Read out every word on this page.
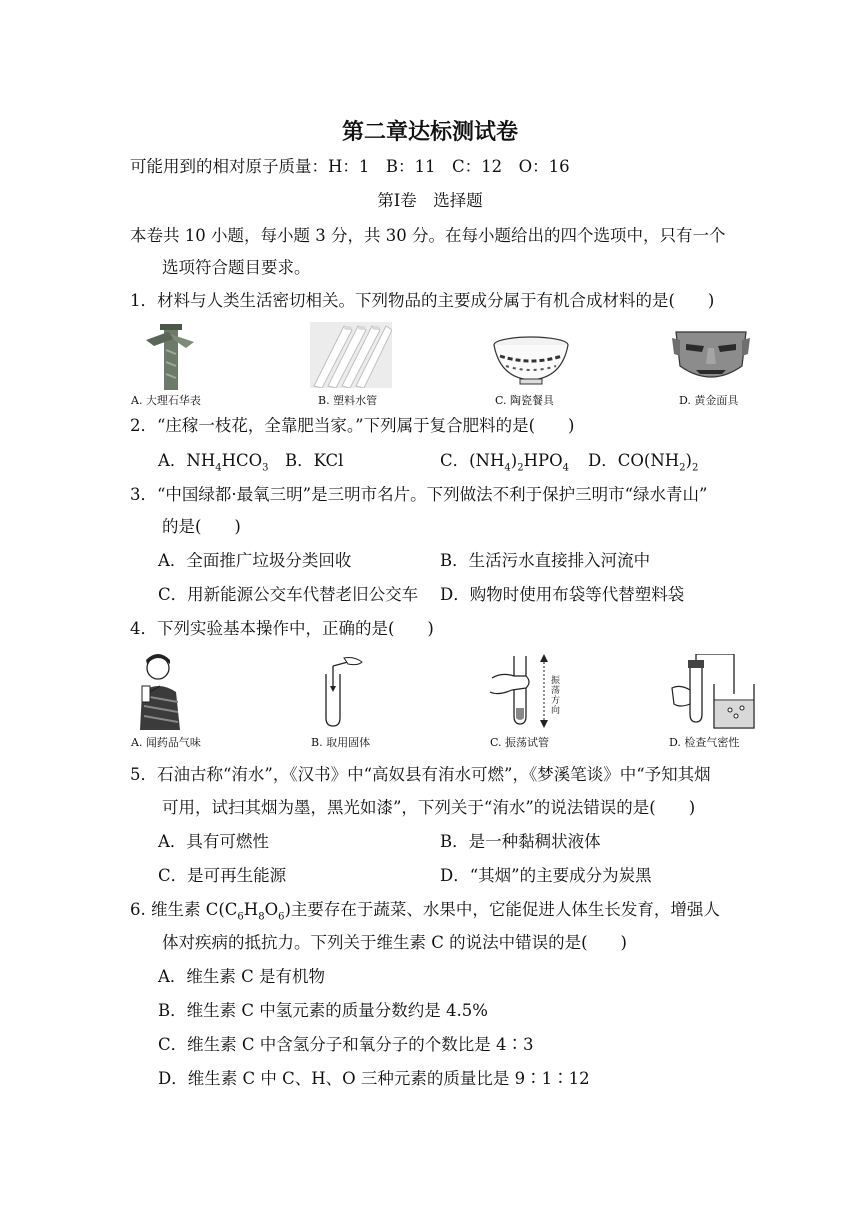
第二章达标测试卷
可能用到的相对原子质量：H：1　B：11　C：12　O：16
第Ⅰ卷　选择题
本卷共 10 小题，每小题 3 分，共 30 分。在每小题给出的四个选项中，只有一个
选项符合题目要求。
1．材料与人类生活密切相关。下列物品的主要成分属于有机合成材料的是(　　)
A. 大理石华表	B. 塑料水管	C. 陶瓷餐具	D. 黄金面具
2．“庄稼一枝花，全靠肥当家。”下列属于复合肥料的是(　　)
A．$NH_4HCO_3$ B．KCl	C．$(NH_4)_2HPO_4$ D．$CO(NH_2)_2$
3．“中国绿都·最氧三明”是三明市名片。下列做法不利于保护三明市“绿水青山”
的是(　　)
A．全面推广垃圾分类回收	B．生活污水直接排入河流中
C．用新能源公交车代替老旧公交车 D．购物时使用布袋等代替塑料袋
4．下列实验基本操作中，正确的是(　　)
振
荡
方
向
A. 闻药品气味	B. 取用固体	C. 振荡试管	D. 检查气密性
5．石油古称“洧水”，《汉书》中“高奴县有洧水可燃”，《梦溪笔谈》中“予知其烟
可用，试扫其烟为墨，黑光如漆”，下列关于“洧水”的说法错误的是(　　)
A．具有可燃性	B．是一种黏稠状液体
C．是可再生能源	D．“其烟”的主要成分为炭黑
6. 维生素 $C(C_6H_8O_6)$主要存在于蔬菜、水果中，它能促进人体生长发育，增强人
体对疾病的抵抗力。下列关于维生素 C 的说法中错误的是(　　)
A．维生素 C 是有机物
B．维生素 C 中氢元素的质量分数约是 4.5%
C．维生素 C 中含氢分子和氧分子的个数比是 4∶3
D．维生素 C 中 C、H、O 三种元素的质量比是 9∶1∶12
